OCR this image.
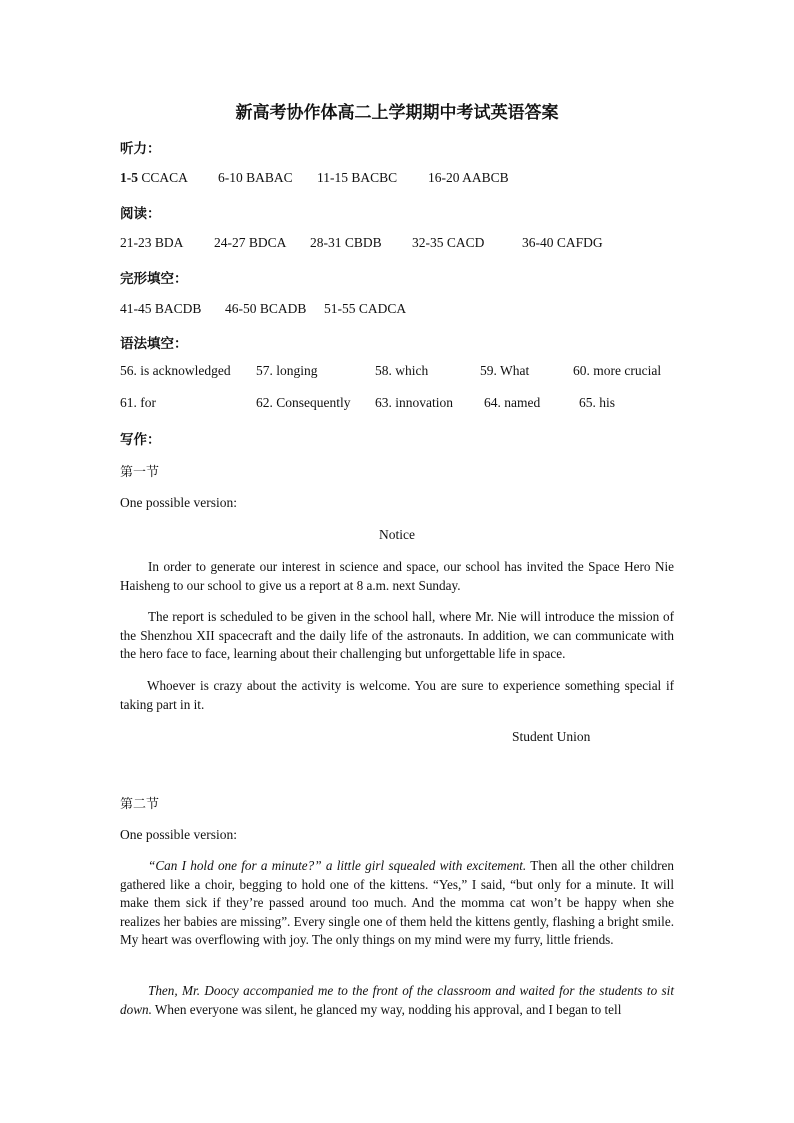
新高考协作体高二上学期期中考试英语答案
听力：
1-5 CCACA 6-10 BABAC 11-15 BACBC 16-20 AABCB
阅读：
21-23 BDA 24-27 BDCA 28-31 CBDB 32-35 CACD	36-40 CAFDG
完形填空：
41-45 BACDB 46-50 BCADB 51-55 CADCA
语法填空：
56. is acknowledged 57. longing	58. which	59. What	60. more crucial
61. for	62. Consequently 63. innovation 64. named	65. his
写作：
第一节
One possible version:
Notice

In order to generate our interest in science and space, our school has invited the Space Hero Nie Haisheng to our school to give us a report at 8 a.m. next Sunday.

The report is scheduled to be given in the school hall, where Mr. Nie will introduce the mission of the Shenzhou XII spacecraft and the daily life of the astronauts. In addition, we can communicate with the hero face to face, learning about their challenging but unforgettable life in space.

Whoever is crazy about the activity is welcome. You are sure to experience something special if taking part in it.

Student Union
第二节
One possible version:

“Can I hold one for a minute?” a little girl squealed with excitement. Then all the other children gathered like a choir, begging to hold one of the kittens. “Yes,” I said, “but only for a minute. It will make them sick if they’re passed around too much. And the momma cat won’t be happy when she realizes her babies are missing”. Every single one of them held the kittens gently, flashing a bright smile. My heart was overflowing with joy. The only things on my mind were my furry, little friends.

Then, Mr. Doocy accompanied me to the front of the classroom and waited for the students to sit down. When everyone was silent, he glanced my way, nodding his approval, and I began to tell
